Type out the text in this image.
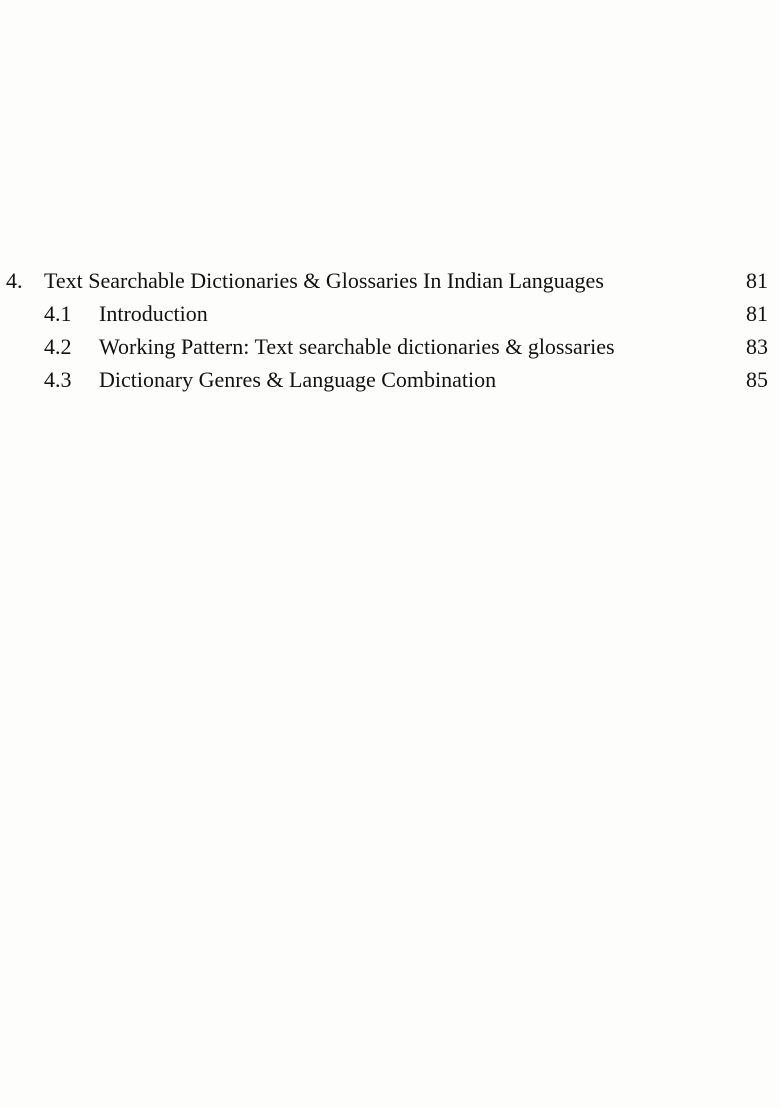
4. Text Searchable Dictionaries & Glossaries In Indian Languages	81
4.1 Introduction	81
4.2 Working Pattern: Text searchable dictionaries & glossaries	83
4.3 Dictionary Genres & Language Combination	85
